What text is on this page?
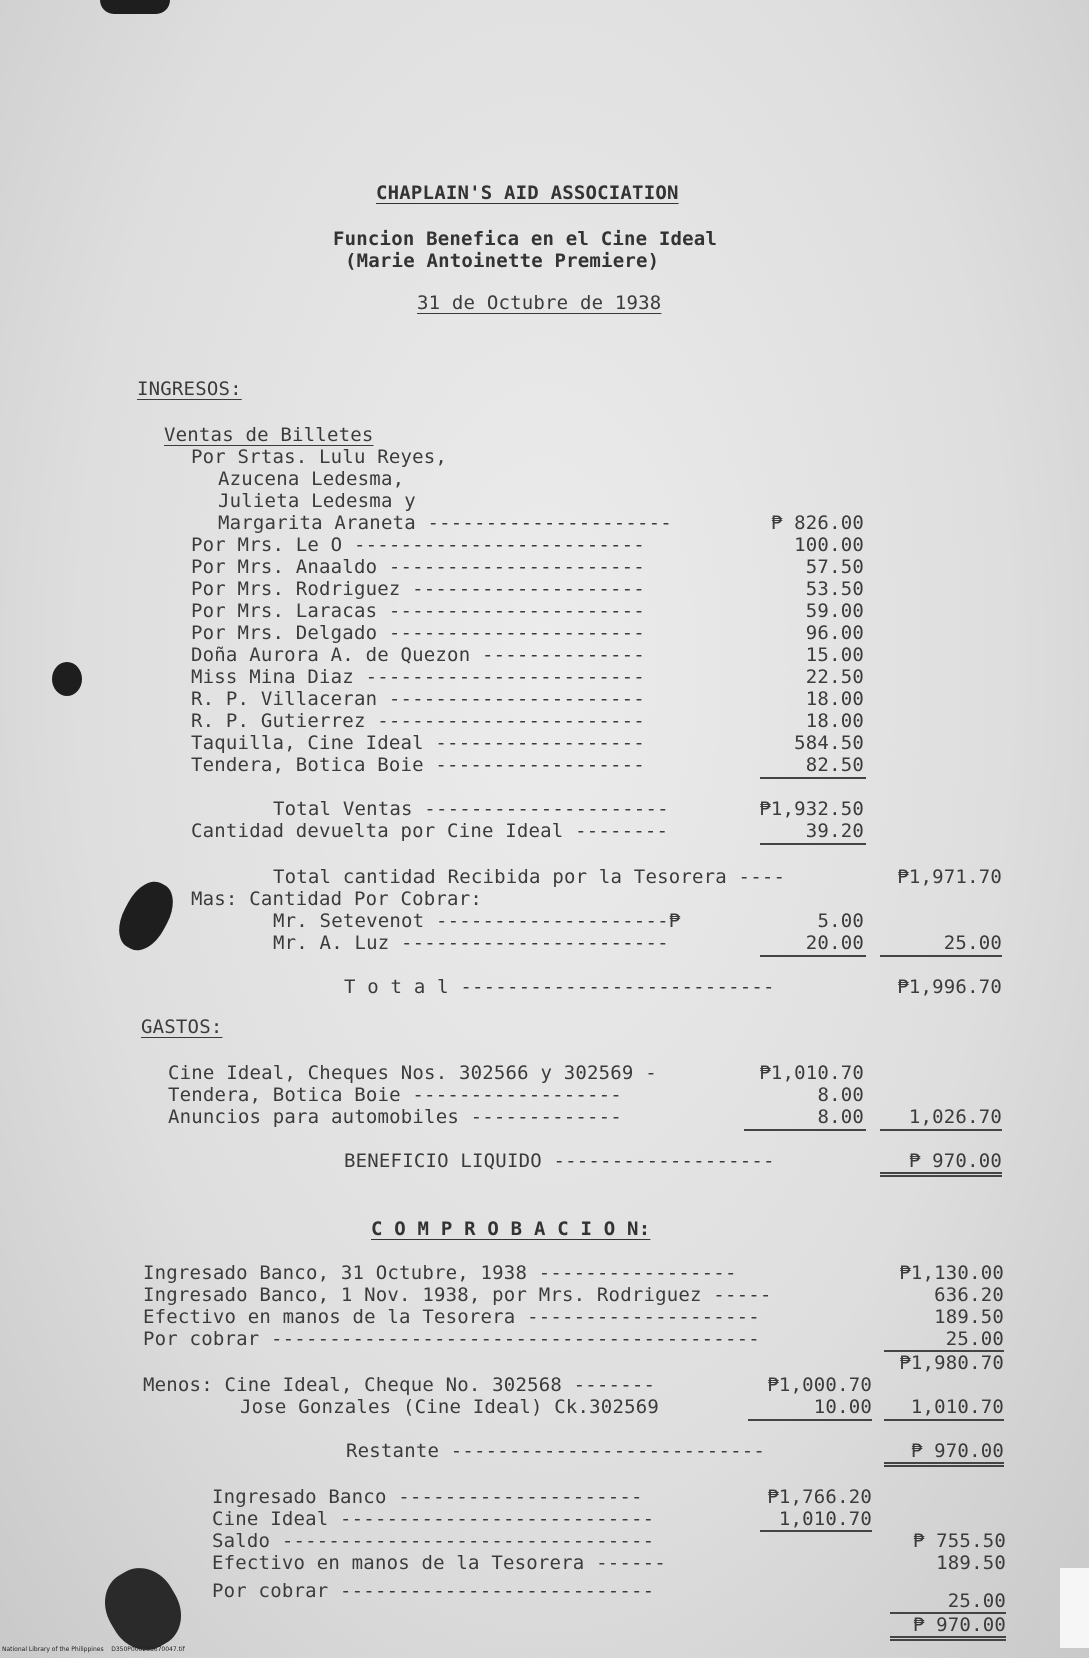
CHAPLAIN'S AID ASSOCIATION
Funcion Benefica en el Cine Ideal
(Marie Antoinette Premiere)
31 de Octubre de 1938
INGRESOS:
Ventas de Billetes
Por Srtas. Lulu Reyes,
Azucena Ledesma,
Julieta Ledesma y
Margarita Araneta ---------------------	₱ 826.00
Por Mrs. Le O -------------------------	100.00
Por Mrs. Anaaldo ----------------------	57.50
Por Mrs. Rodriguez --------------------	53.50
Por Mrs. Laracas ----------------------	59.00
Por Mrs. Delgado ----------------------	96.00
Doña Aurora A. de Quezon --------------	15.00
Miss Mina Diaz ------------------------	22.50
R. P. Villaceran ----------------------	18.00
R. P. Gutierrez -----------------------	18.00
Taquilla, Cine Ideal ------------------	584.50
Tendera, Botica Boie ------------------	82.50
Total Ventas ---------------------	₱1,932.50
Cantidad devuelta por Cine Ideal --------	39.20
Total cantidad Recibida por la Tesorera ----	₱1,971.70
Mas: Cantidad Por Cobrar:
Mr. Setevenot --------------------₱	5.00
Mr. A. Luz -----------------------	20.00	25.00
T o t a l ---------------------------	₱1,996.70
GASTOS:
Cine Ideal, Cheques Nos. 302566 y 302569 -	₱1,010.70
Tendera, Botica Boie ------------------	8.00
Anuncios para automobiles -------------	8.00	1,026.70
BENEFICIO LIQUIDO -------------------	₱ 970.00
C O M P R O B A C I O N:
Ingresado Banco, 31 Octubre, 1938 -----------------	₱1,130.00
Ingresado Banco, 1 Nov. 1938, por Mrs. Rodriguez -----	636.20
Efectivo en manos de la Tesorera --------------------	189.50
Por cobrar ------------------------------------------	25.00
₱1,980.70
Menos: Cine Ideal, Cheque No. 302568 -------	₱1,000.70
Jose Gonzales (Cine Ideal) Ck.302569	10.00	1,010.70
Restante ---------------------------	₱ 970.00
Ingresado Banco ---------------------	₱1,766.20
Cine Ideal ---------------------------	1,010.70
Saldo --------------------------------	₱ 755.50
Efectivo en manos de la Tesorera ------	189.50
Por cobrar ---------------------------	25.00
₱ 970.00
National Library of the Philippines    D350P000288670047.tif
